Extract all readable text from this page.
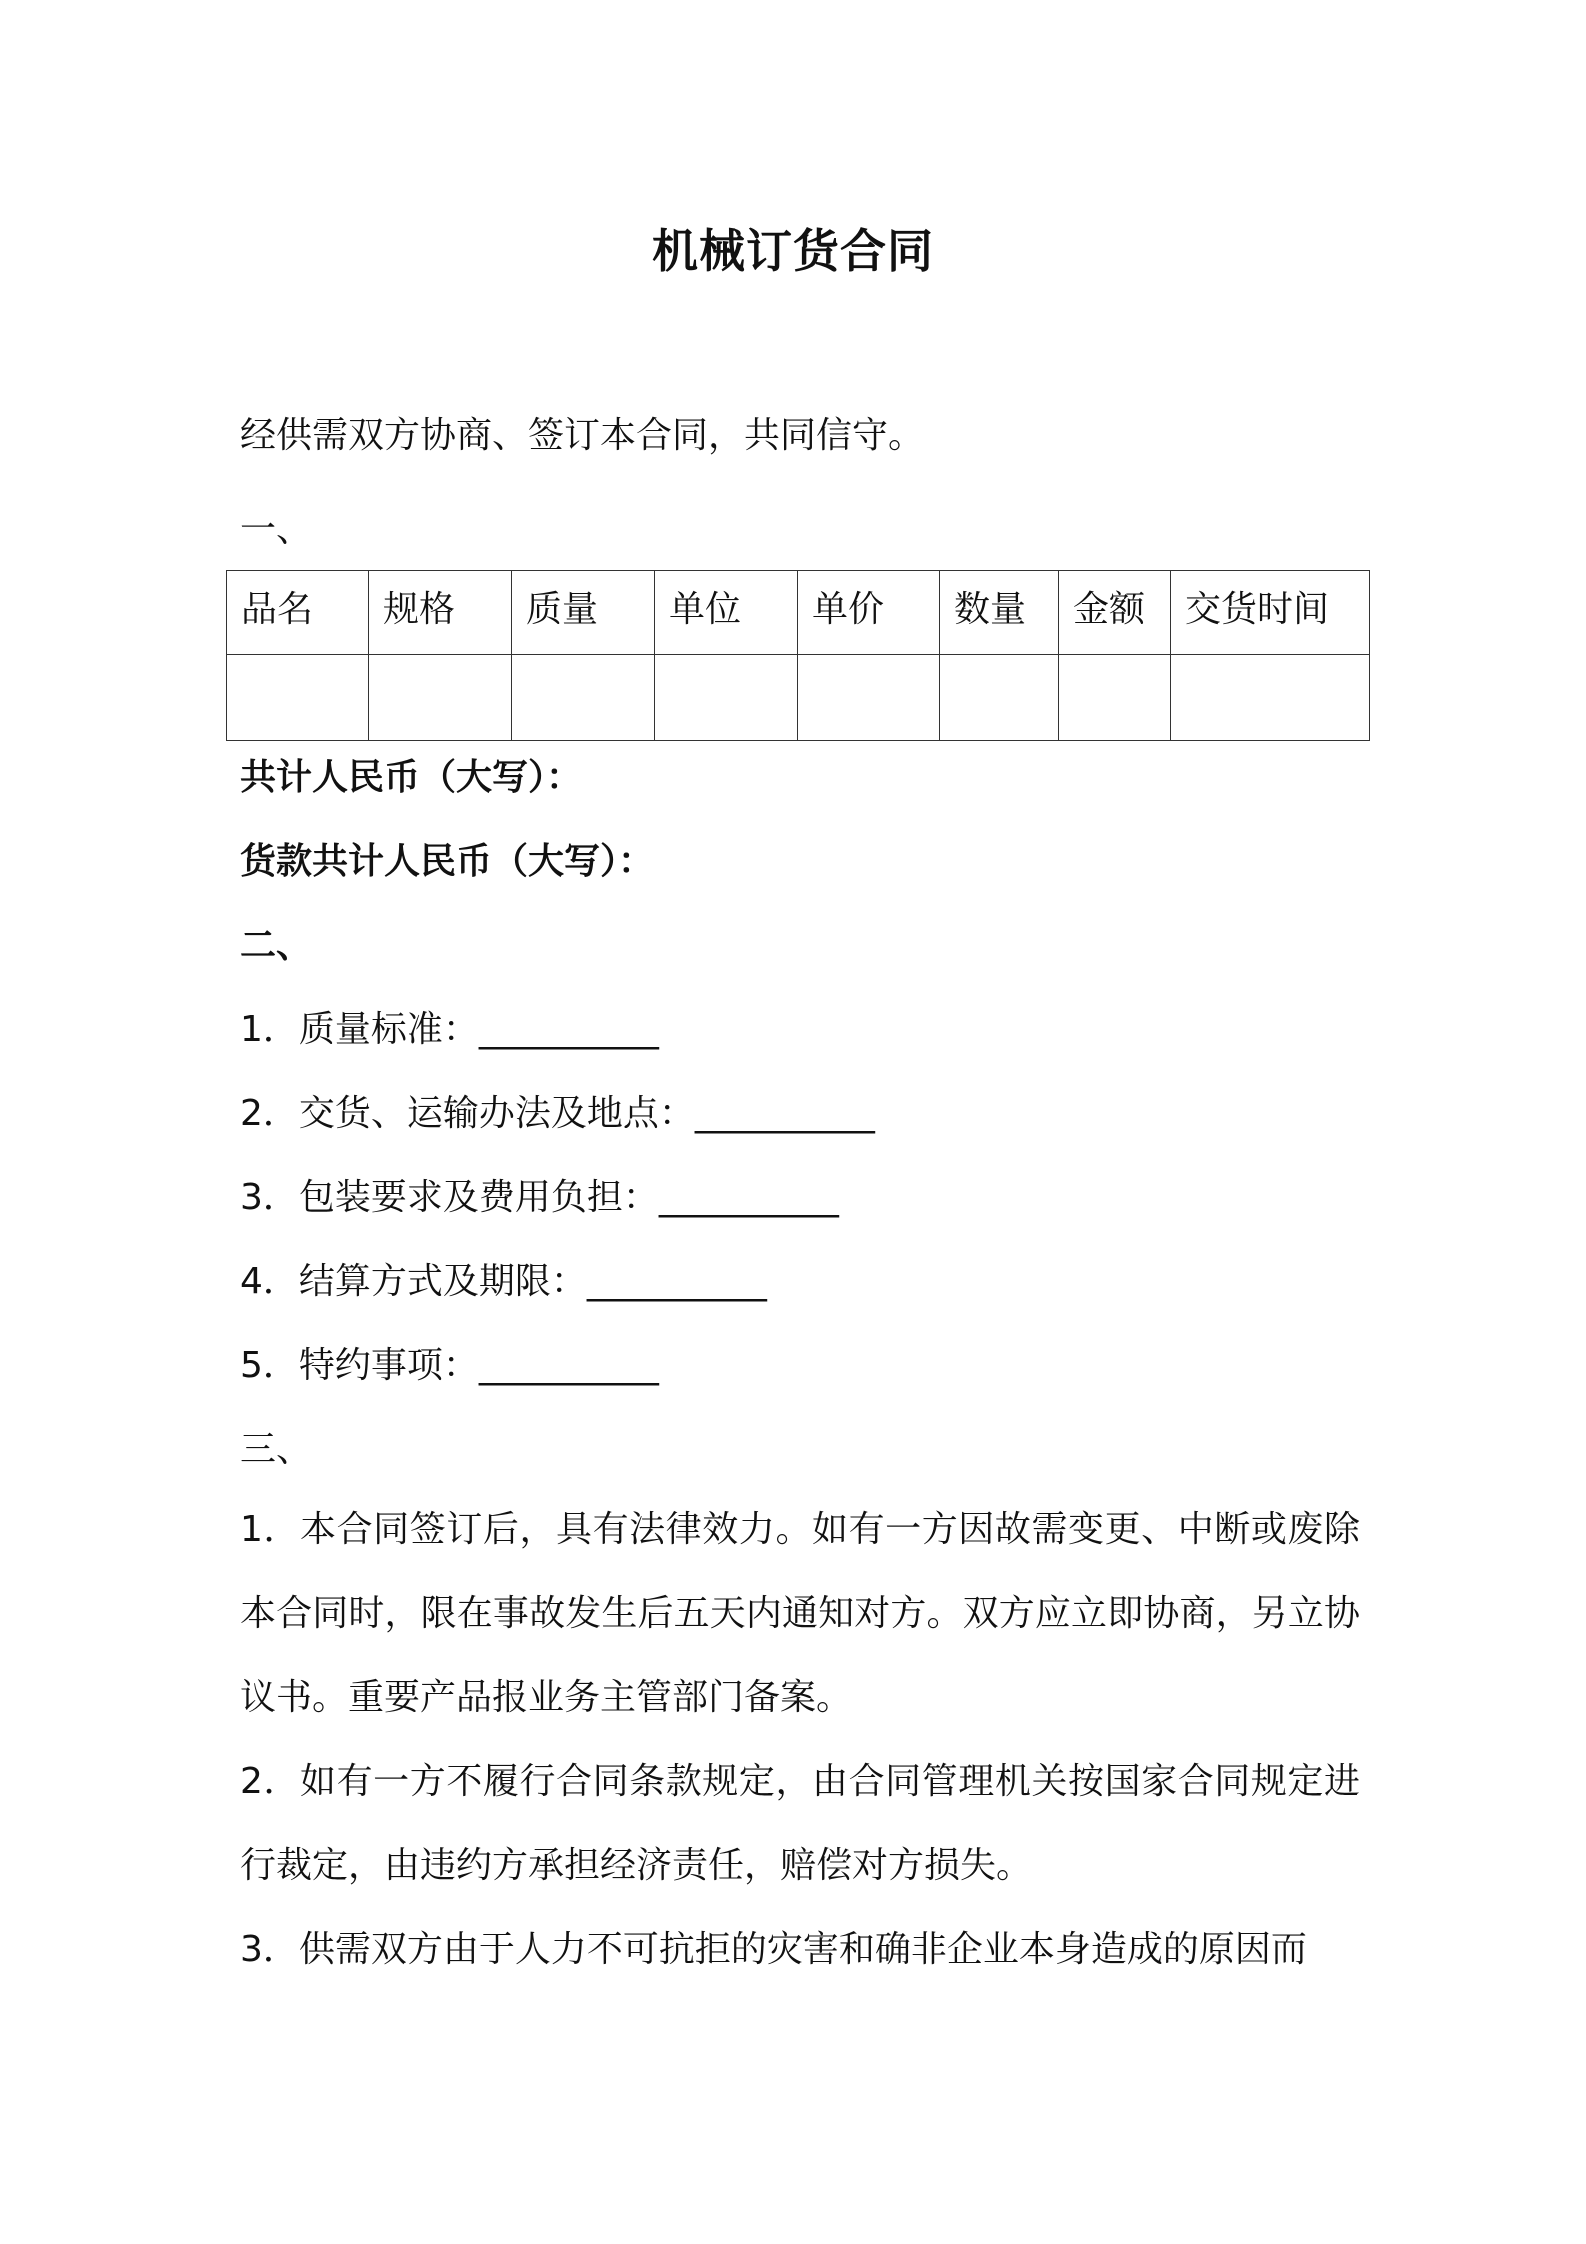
机械订货合同
经供需双方协商、签订本合同，共同信守。
一、
品名	规格	质量	单位	单价	数量	金额	交货时间

共计人民币（大写）：
货款共计人民币（大写）：
二、
1．质量标准：__________
2．交货、运输办法及地点：__________
3．包装要求及费用负担：__________
4．结算方式及期限：__________
5．特约事项：__________
三、
1．本合同签订后，具有法律效力。如有一方因故需变更、中断或废除本合同时，限在事故发生后五天内通知对方。双方应立即协商，另立协议书。重要产品报业务主管部门备案。
2．如有一方不履行合同条款规定，由合同管理机关按国家合同规定进行裁定，由违约方承担经济责任，赔偿对方损失。
3．供需双方由于人力不可抗拒的灾害和确非企业本身造成的原因而
